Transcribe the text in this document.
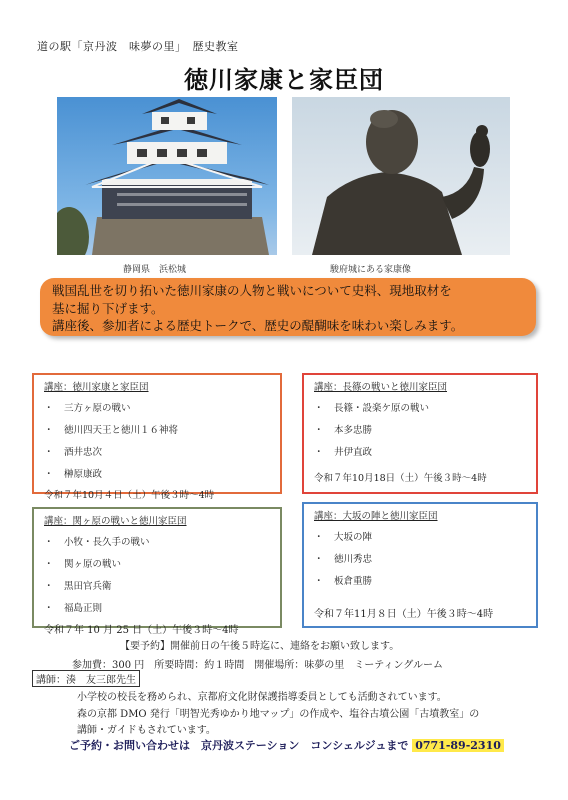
道の駅「京丹波　味夢の里」　歴史教室
徳川家康と家臣団
静岡県　浜松城	駿府城にある家康像
戦国乱世を切り拓いた徳川家康の人物と戦いについて史料、現地取材を
基に掘り下げます。
講座後、参加者による歴史トークで、歴史の醍醐味を味わい楽しみます。
講座：徳川家康と家臣団
・ 三方ヶ原の戦い
・ 徳川四天王と徳川１６神将
・ 酒井忠次
・ 榊原康政
令和７年10月４日（土）午後３時～4時
講座：長篠の戦いと徳川家臣団
・ 長篠・設楽ケ原の戦い
・ 本多忠勝
・ 井伊直政
令和７年10月18日（土）午後３時～4時
講座：関ヶ原の戦いと徳川家臣団
・ 小牧・長久手の戦い
・ 関ヶ原の戦い
・ 黒田官兵衛
・ 福島正則
令和７年 10 月 25 日（土）午後３時～4時
講座：大坂の陣と徳川家臣団
・ 大坂の陣
・ 徳川秀忠
・ 板倉重勝
令和７年11月８日（土）午後３時～4時
【要予約】開催前日の午後５時迄に、連絡をお願い致します。
参加費：300 円　所要時間：約１時間　開催場所：味夢の里　ミーティングルーム
講師：湊　友三郎先生
小学校の校長を務められ、京都府文化財保護指導委員としても活動されています。
森の京都 DMO 発行「明智光秀ゆかり地マップ」の作成や、塩谷古墳公園「古墳教室」の
講師・ガイドもされています。
ご予約・お問い合わせは　京丹波ステーション　コンシェルジュまで 0771‐89‐2310
